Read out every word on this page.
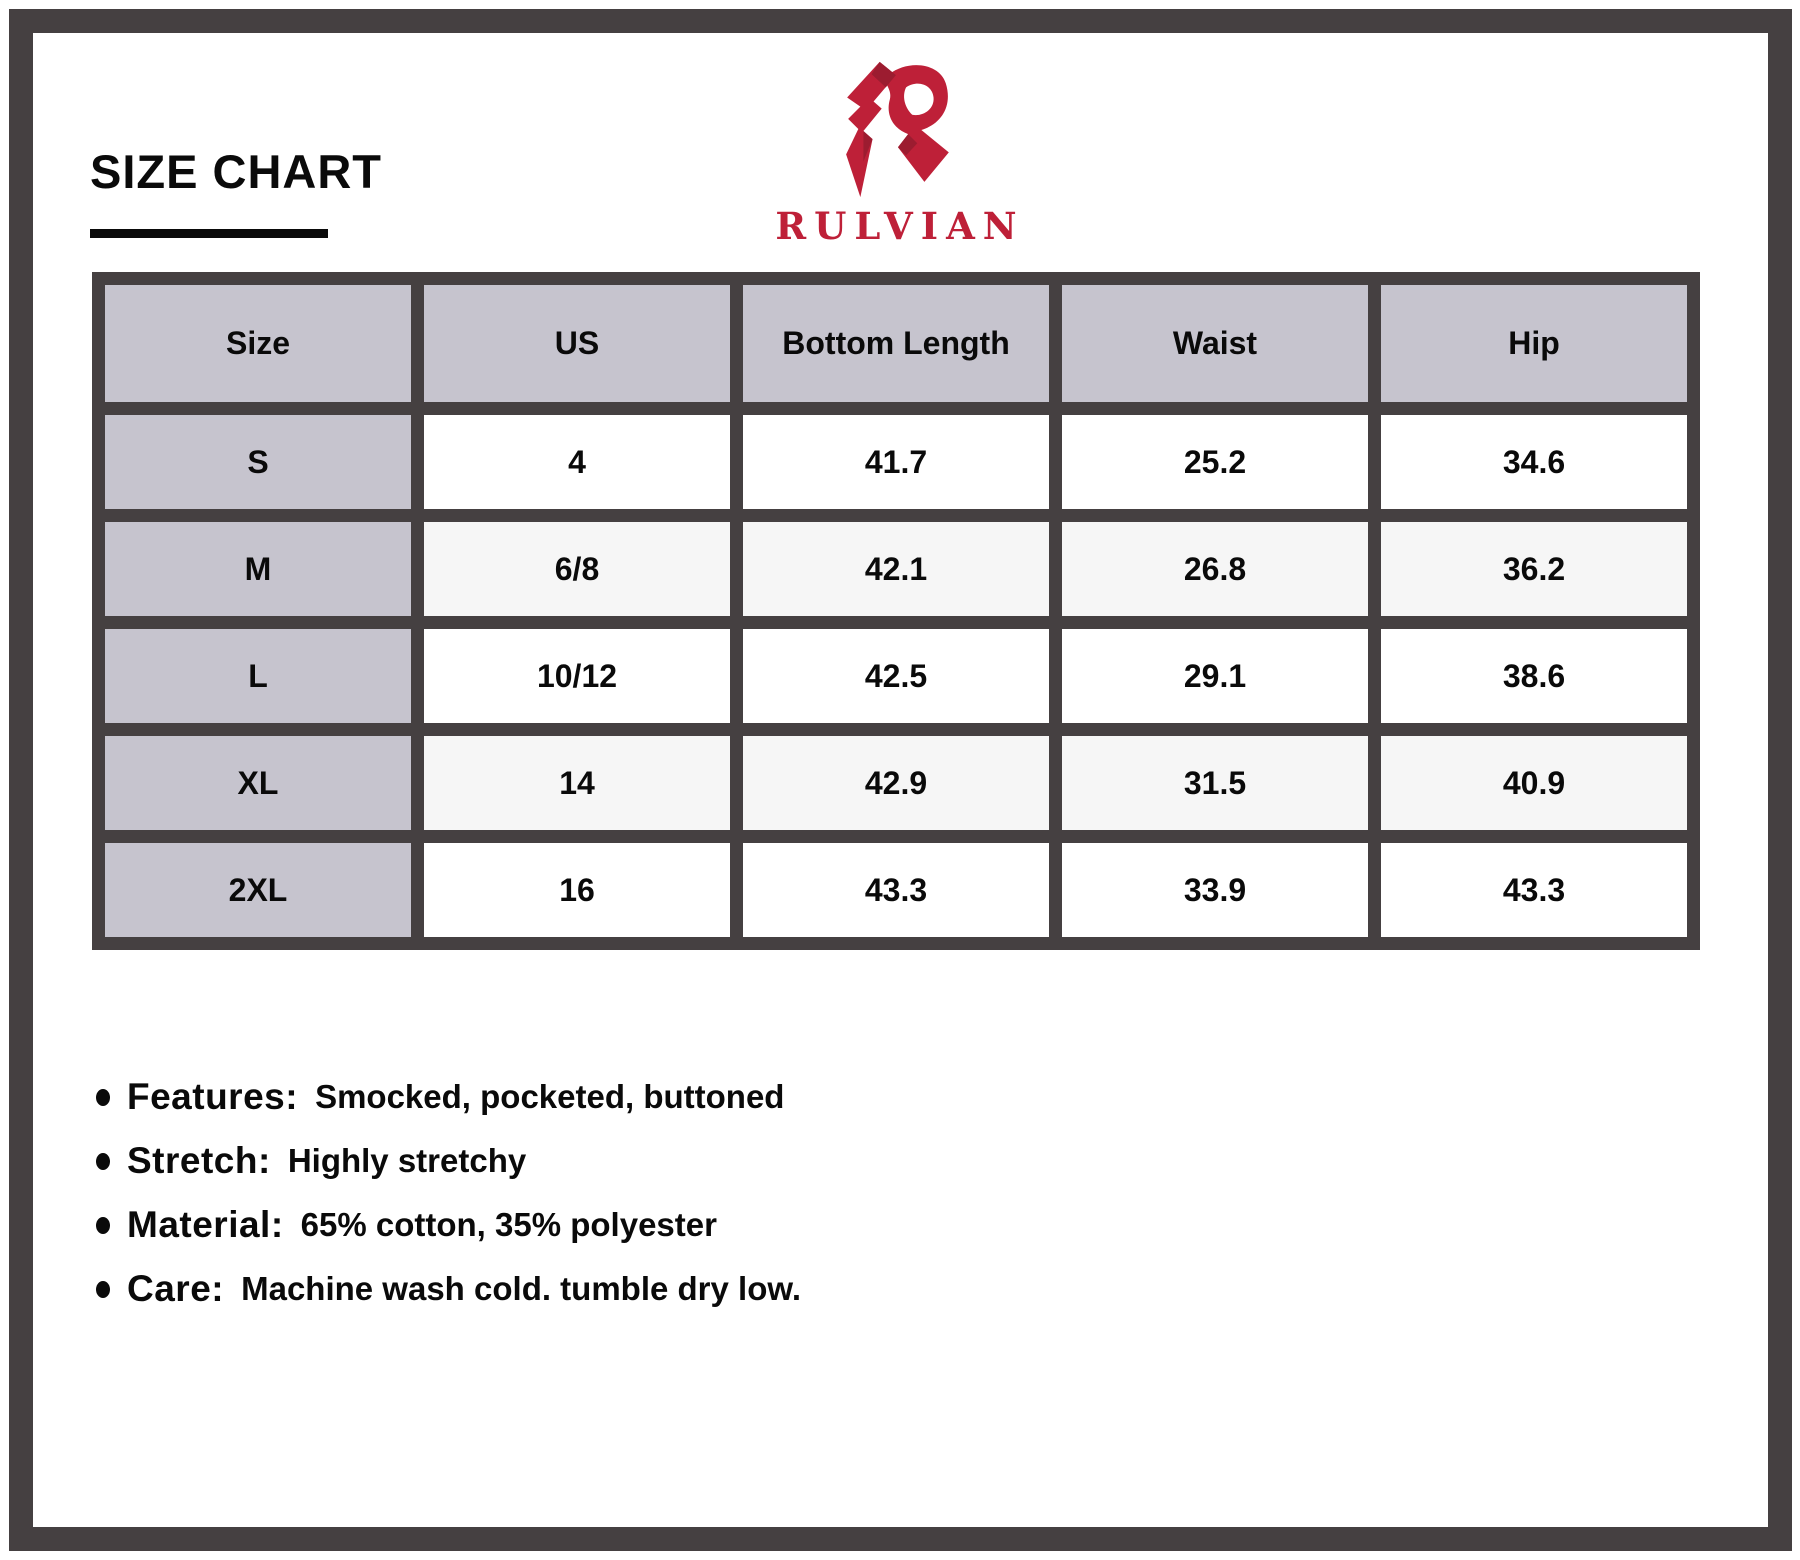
SIZE CHART
RULVIAN
Size	US	Bottom Length	Waist	Hip
S	4	41.7	25.2	34.6
M	6/8	42.1	26.8	36.2
L	10/12	42.5	29.1	38.6
XL	14	42.9	31.5	40.9
2XL	16	43.3	33.9	43.3
Features: Smocked, pocketed, buttoned
Stretch: Highly stretchy
Material: 65% cotton, 35% polyester
Care: Machine wash cold. tumble dry low.
